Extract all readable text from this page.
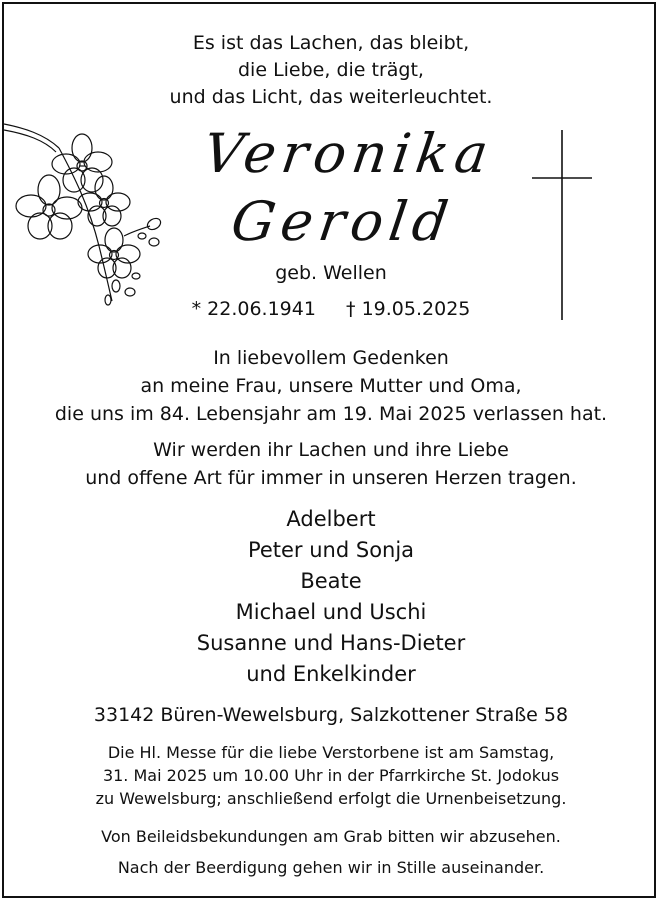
Es ist das Lachen, das bleibt,
die Liebe, die trägt,
und das Licht, das weiterleuchtet.
Veronika
Gerold
geb. Wellen
* 22.06.1941 † 19.05.2025
In liebevollem Gedenken
an meine Frau, unsere Mutter und Oma,
die uns im 84. Lebensjahr am 19. Mai 2025 verlassen hat.
Wir werden ihr Lachen und ihre Liebe
und offene Art für immer in unseren Herzen tragen.
Adelbert
Peter und Sonja
Beate
Michael und Uschi
Susanne und Hans-Dieter
und Enkelkinder
33142 Büren-Wewelsburg, Salzkottener Straße 58
Die Hl. Messe für die liebe Verstorbene ist am Samstag,
31. Mai 2025 um 10.00 Uhr in der Pfarrkirche St. Jodokus
zu Wewelsburg; anschließend erfolgt die Urnenbeisetzung.
Von Beileidsbekundungen am Grab bitten wir abzusehen.
Nach der Beerdigung gehen wir in Stille auseinander.
